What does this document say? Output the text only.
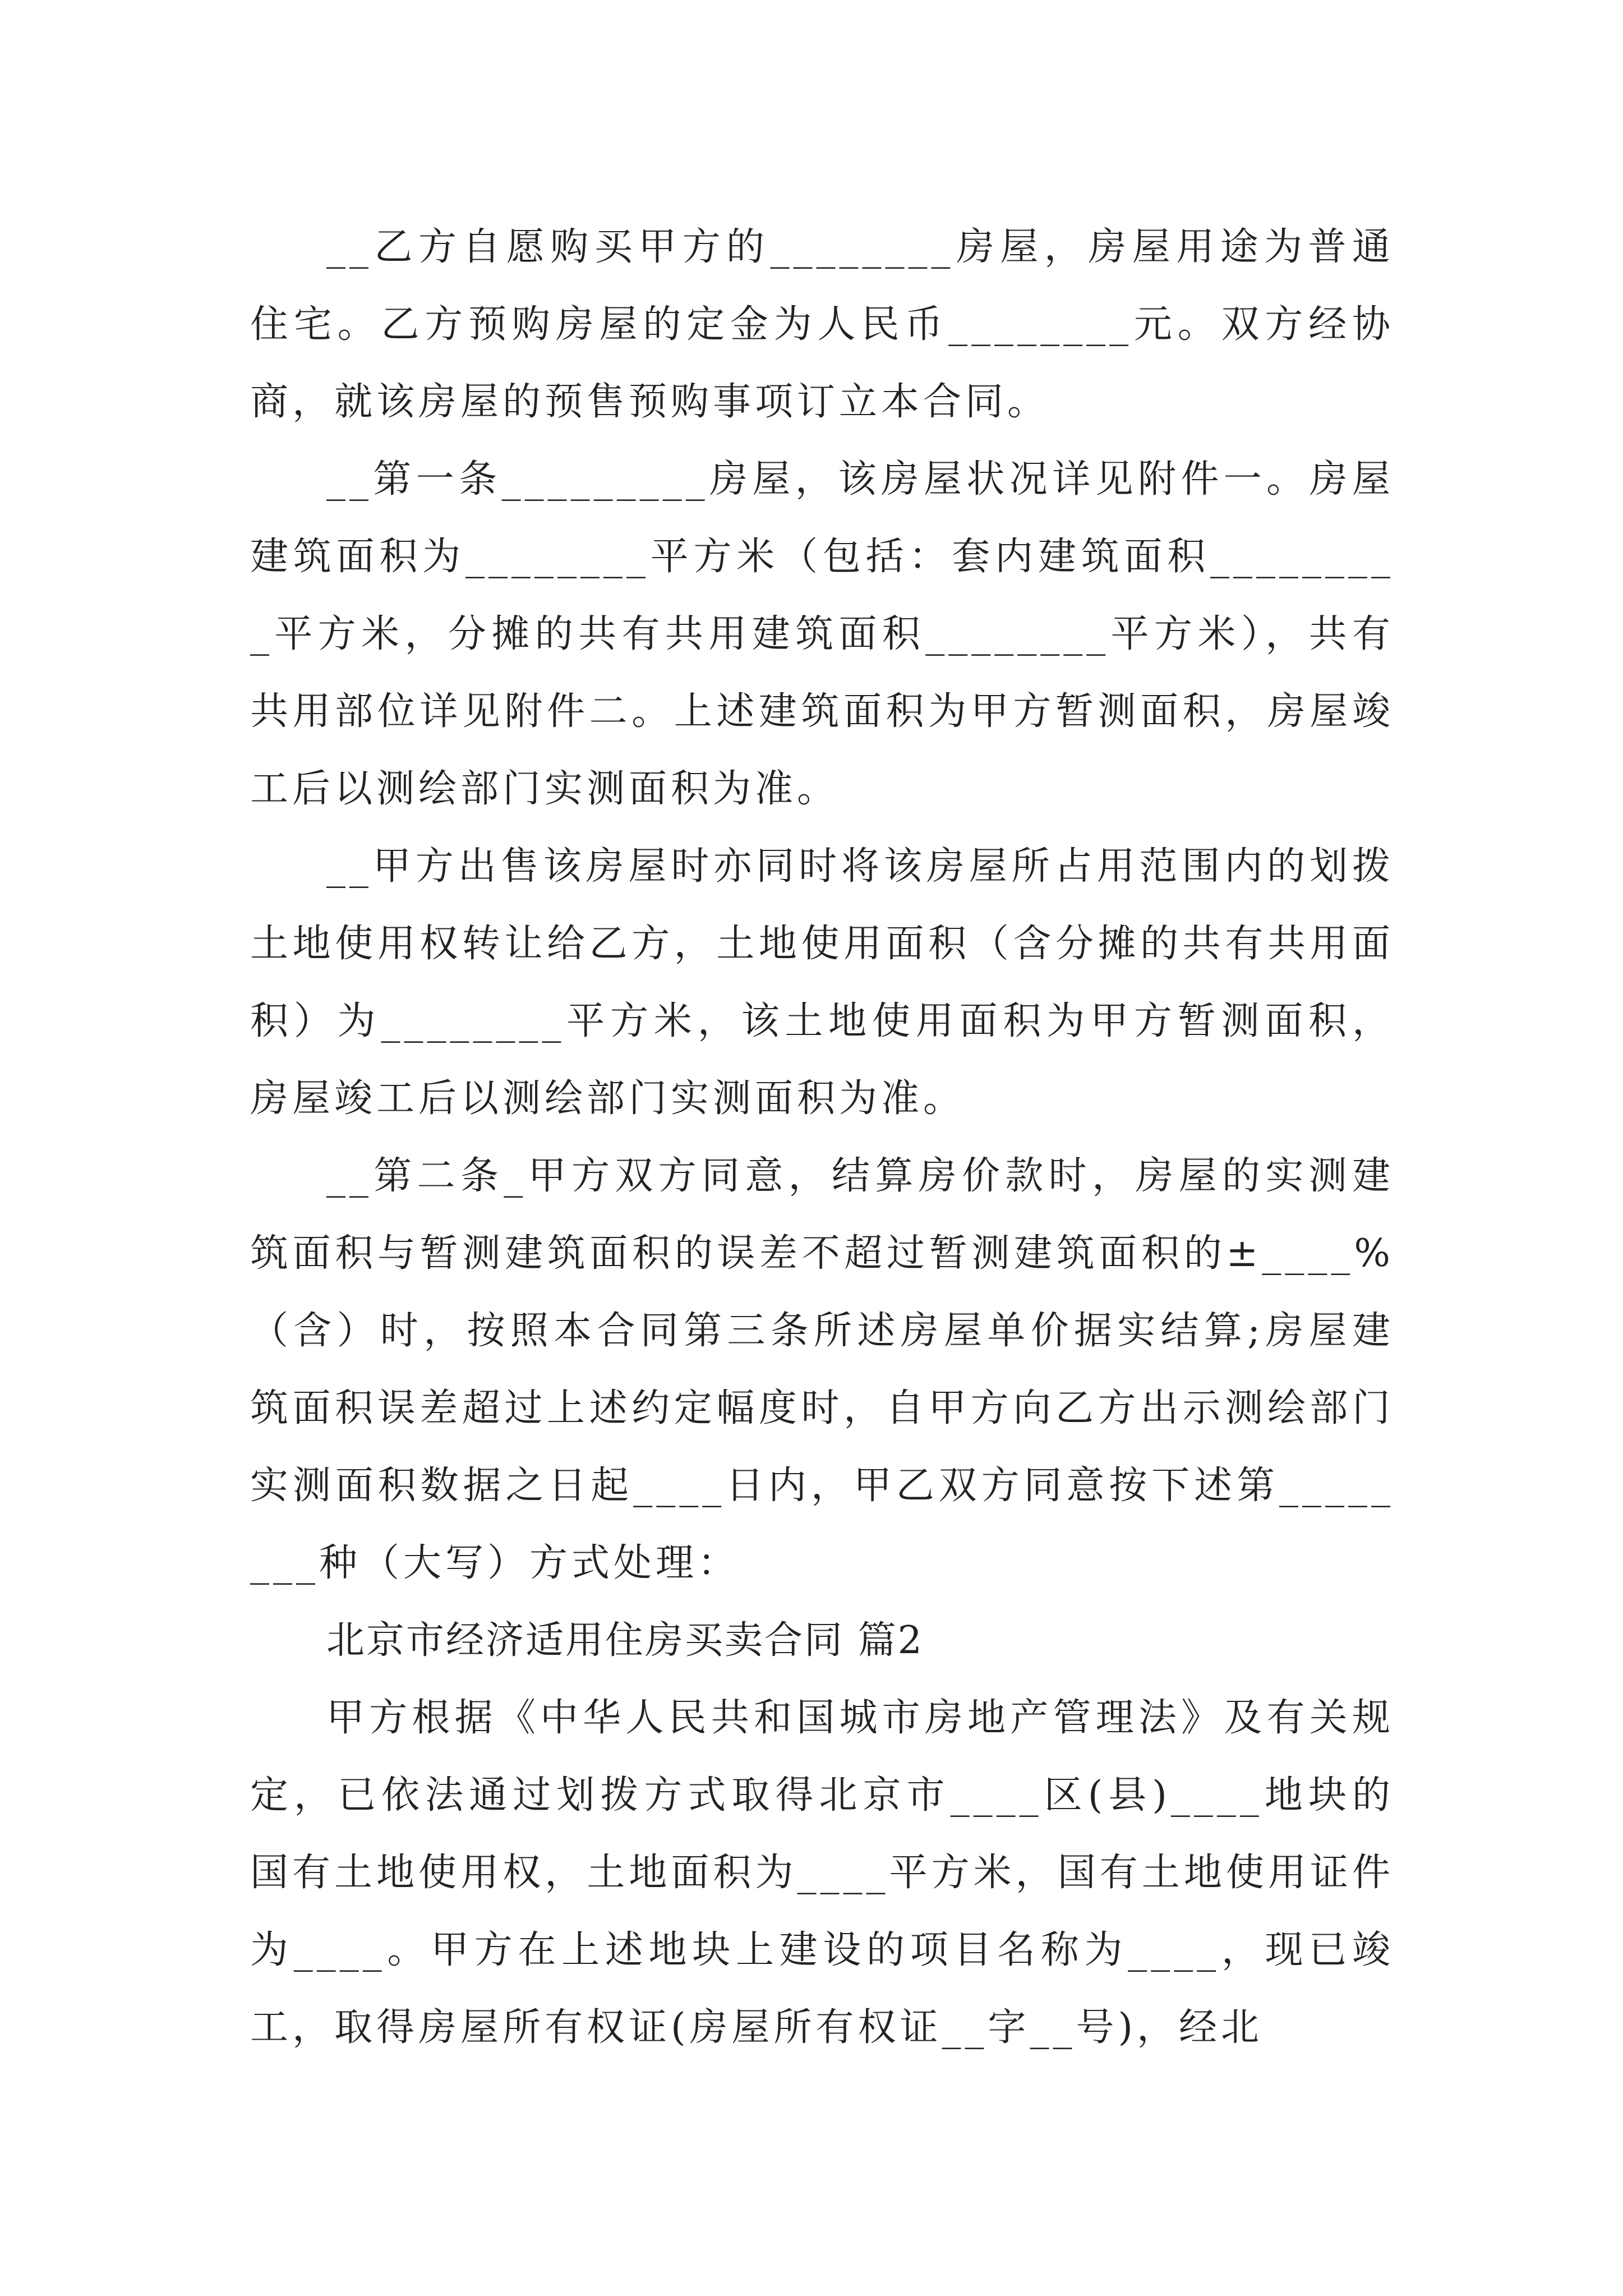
__乙方自愿购买甲方的________房屋，房屋用途为普通住宅。乙方预购房屋的定金为人民币________元。双方经协商，就该房屋的预售预购事项订立本合同。

__第一条_________房屋，该房屋状况详见附件一。房屋建筑面积为________平方米（包括：套内建筑面积_________平方米，分摊的共有共用建筑面积________平方米），共有共用部位详见附件二。上述建筑面积为甲方暂测面积，房屋竣工后以测绘部门实测面积为准。

__甲方出售该房屋时亦同时将该房屋所占用范围内的划拨土地使用权转让给乙方，土地使用面积（含分摊的共有共用面积）为________平方米，该土地使用面积为甲方暂测面积，房屋竣工后以测绘部门实测面积为准。

__第二条_甲方双方同意，结算房价款时，房屋的实测建筑面积与暂测建筑面积的误差不超过暂测建筑面积的±____%（含）时，按照本合同第三条所述房屋单价据实结算;房屋建筑面积误差超过上述约定幅度时，自甲方向乙方出示测绘部门实测面积数据之日起____日内，甲乙双方同意按下述第________种（大写）方式处理：

北京市经济适用住房买卖合同 篇2

甲方根据《中华人民共和国城市房地产管理法》及有关规定，已依法通过划拨方式取得北京市____区(县)____地块的国有土地使用权，土地面积为____平方米，国有土地使用证件为____。甲方在上述地块上建设的项目名称为____，现已竣工，取得房屋所有权证(房屋所有权证__字__号)，经北
